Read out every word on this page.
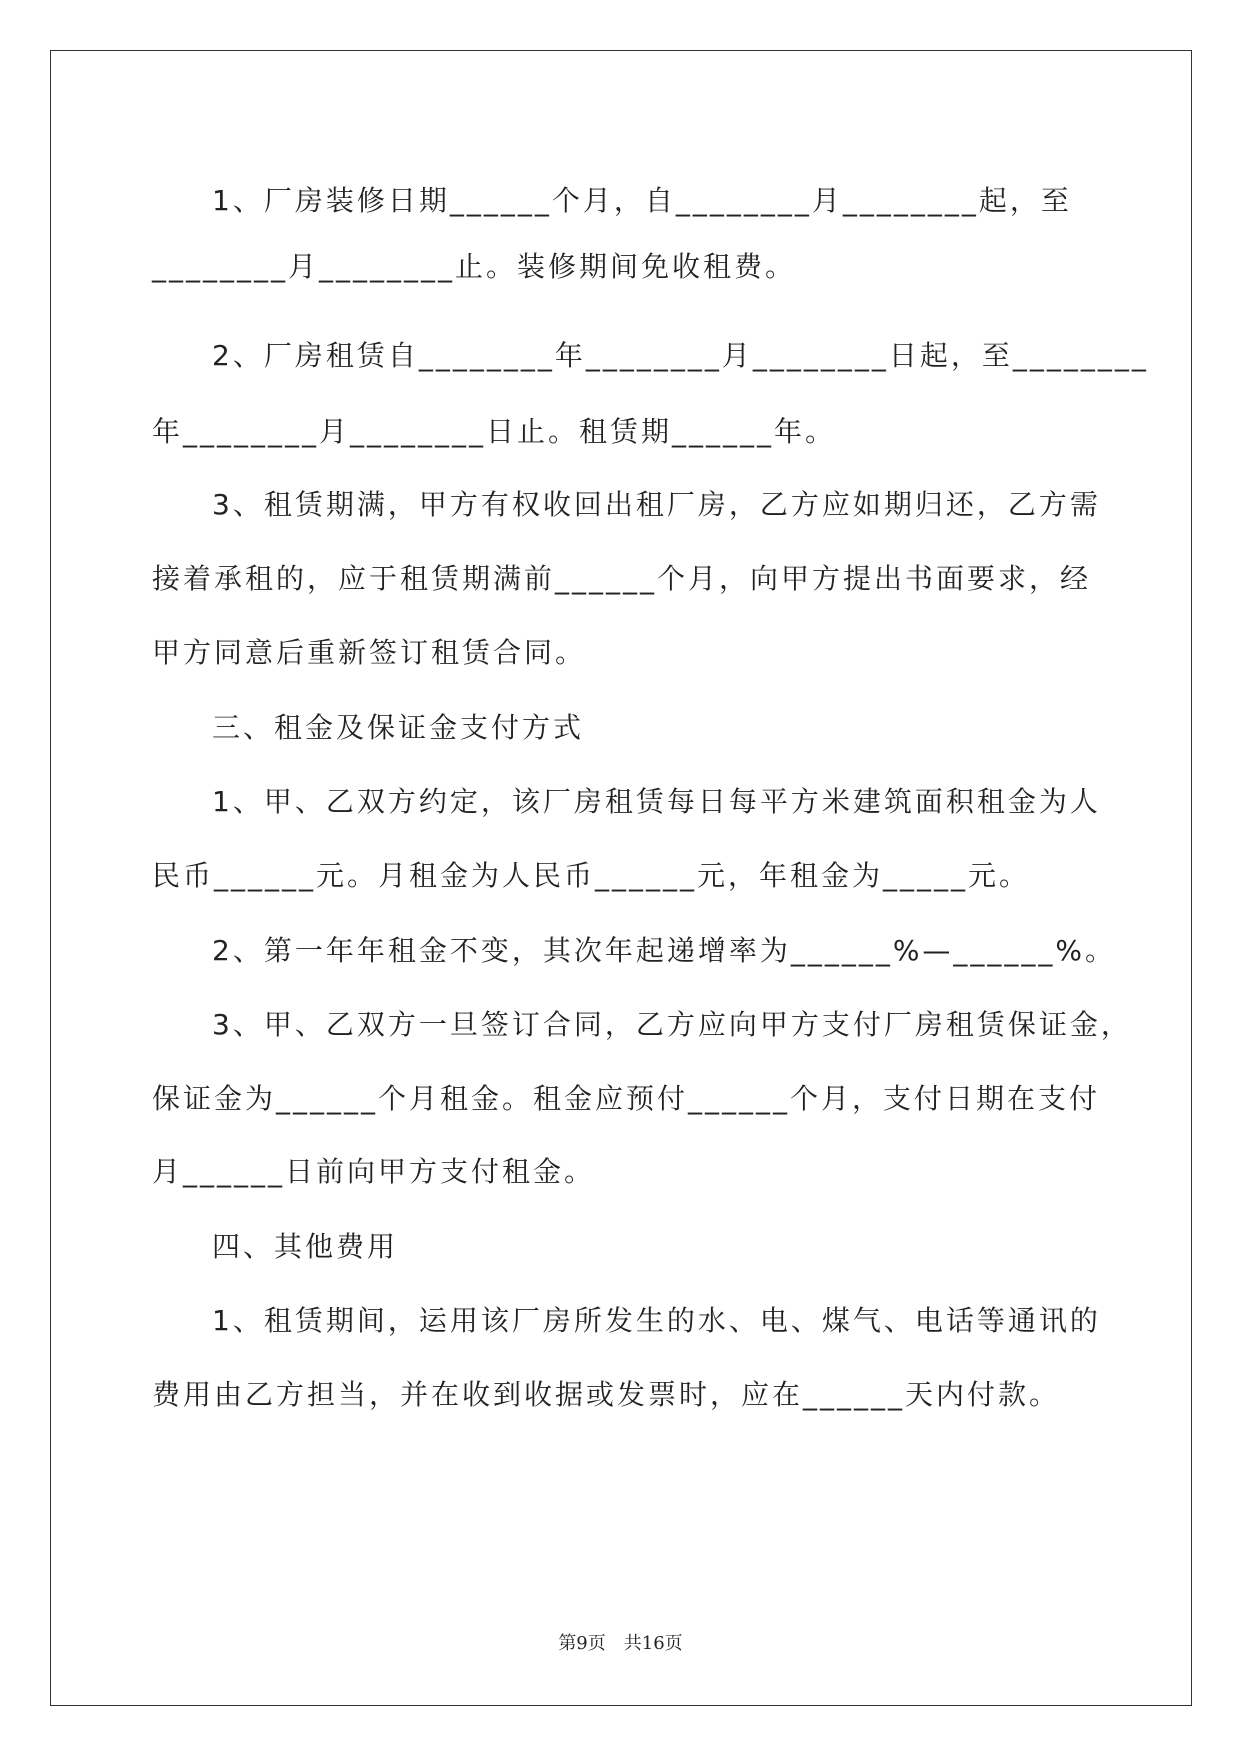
1、厂房装修日期______个月，自________月________起，至
________月________止。装修期间免收租费。
2、厂房租赁自________年________月________日起，至________
年________月________日止。租赁期______年。
3、租赁期满，甲方有权收回出租厂房，乙方应如期归还，乙方需
接着承租的，应于租赁期满前______个月，向甲方提出书面要求，经
甲方同意后重新签订租赁合同。
三、租金及保证金支付方式
1、甲、乙双方约定，该厂房租赁每日每平方米建筑面积租金为人
民币______元。月租金为人民币______元，年租金为_____元。
2、第一年年租金不变，其次年起递增率为______%—______%。
3、甲、乙双方一旦签订合同，乙方应向甲方支付厂房租赁保证金，
保证金为______个月租金。租金应预付______个月，支付日期在支付
月______日前向甲方支付租金。
四、其他费用
1、租赁期间，运用该厂房所发生的水、电、煤气、电话等通讯的
费用由乙方担当，并在收到收据或发票时，应在______天内付款。
第9页　共16页
